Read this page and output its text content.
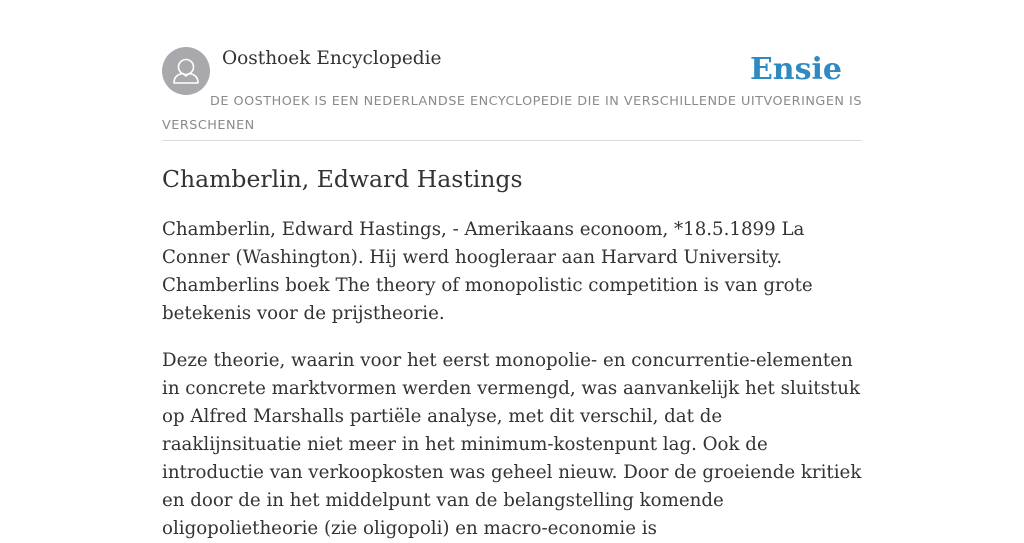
Oosthoek Encyclopedie	Ensie
DE OOSTHOEK IS EEN NEDERLANDSE ENCYCLOPEDIE DIE IN VERSCHILLENDE UITVOERINGEN IS VERSCHENEN
Chamberlin, Edward Hastings

Chamberlin, Edward Hastings, - Amerikaans econoom, *18.5.1899 La Conner (Washington). Hij werd hoogleraar aan Harvard University. Chamberlins boek The theory of monopolistic competition is van grote betekenis voor de prijstheorie.

Deze theorie, waarin voor het eerst monopolie- en concurrentie-elementen in concrete marktvormen werden vermengd, was aanvankelijk het sluitstuk op Alfred Marshalls partiële analyse, met dit verschil, dat de raaklijnsituatie niet meer in het minimum-kostenpunt lag. Ook de introductie van verkoopkosten was geheel nieuw. Door de groeiende kritiek en door de in het middelpunt van de belangstelling komende oligopolietheorie (zie oligopoli) en macro-economie is
